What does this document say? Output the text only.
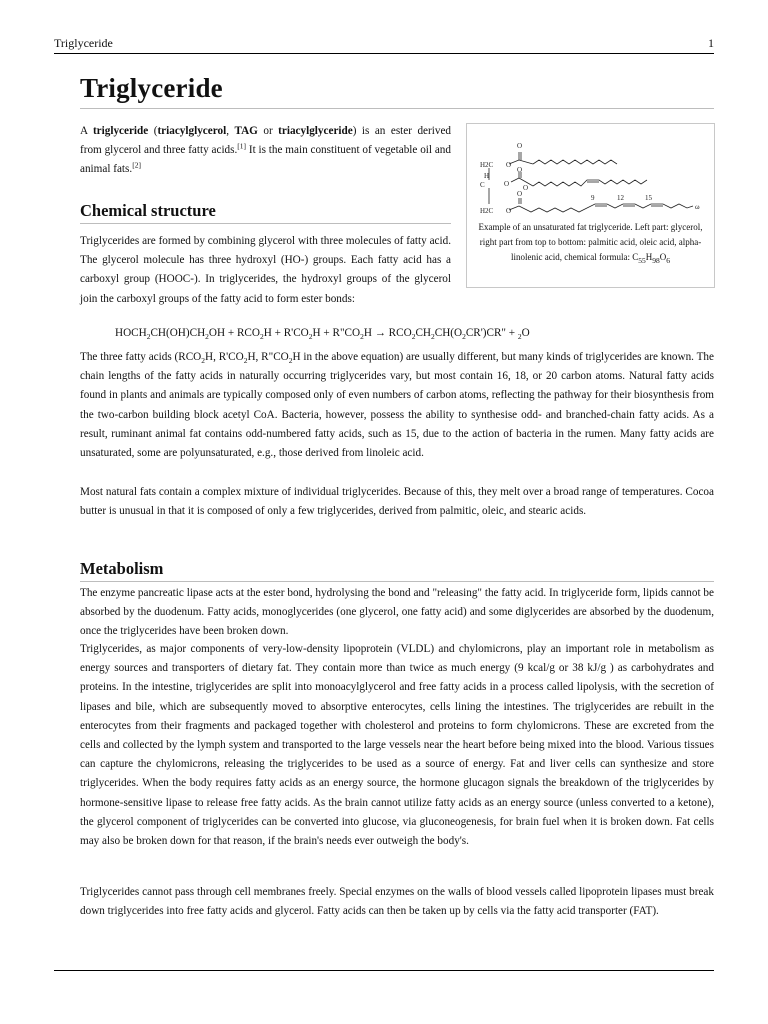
Triglyceride	1
Triglyceride

A triglyceride (triacylglycerol, TAG or triacylglyceride) is an ester derived from glycerol and three fatty acids.[1] It is the main constituent of vegetable oil and animal fats.[2]

O
H2C O
H
C	O
O
O
H2C O
O	9	12	15
ω
Example of an unsaturated fat triglyceride. Left part: glycerol, right part from top to bottom: palmitic acid, oleic acid, alpha-linolenic acid, chemical formula: $C_{55}H_{98}O_6$
Chemical structure

Triglycerides are formed by combining glycerol with three molecules of fatty acid. The glycerol molecule has three hydroxyl (HO-) groups. Each fatty acid has a carboxyl group (HOOC-). In triglycerides, the hydroxyl groups of the glycerol join the carboxyl groups of the fatty acid to form ester bonds:

$HOCH_2CH(OH)CH_2OH + RCO_2H + R'CO_2H$ + $R"CO_2H \to RCO_2CH_2CH(O_2CR')CR$" + $_2$O

The three fatty acids ($RCO_2H$, $R'CO_2H$, $R"CO_2H$ in the above equation) are usually different, but many kinds of triglycerides are known. The chain lengths of the fatty acids in naturally occurring triglycerides vary, but most contain 16, 18, or 20 carbon atoms. Natural fatty acids found in plants and animals are typically composed only of even numbers of carbon atoms, reflecting the pathway for their biosynthesis from the two-carbon building block acetyl CoA. Bacteria, however, possess the ability to synthesise odd- and branched-chain fatty acids. As a result, ruminant animal fat contains odd-numbered fatty acids, such as 15, due to the action of bacteria in the rumen. Many fatty acids are unsaturated, some are polyunsaturated, e.g., those derived from linoleic acid.

Most natural fats contain a complex mixture of individual triglycerides. Because of this, they melt over a broad range of temperatures. Cocoa butter is unusual in that it is composed of only a few triglycerides, derived from palmitic, oleic, and stearic acids.

Metabolism

The enzyme pancreatic lipase acts at the ester bond, hydrolysing the bond and "releasing" the fatty acid. In triglyceride form, lipids cannot be absorbed by the duodenum. Fatty acids, monoglycerides (one glycerol, one fatty acid) and some diglycerides are absorbed by the duodenum, once the triglycerides have been broken down.

Triglycerides, as major components of very-low-density lipoprotein (VLDL) and chylomicrons, play an important role in metabolism as energy sources and transporters of dietary fat. They contain more than twice as much energy (9 kcal/g or 38 kJ/g ) as carbohydrates and proteins. In the intestine, triglycerides are split into monoacylglycerol and free fatty acids in a process called lipolysis, with the secretion of lipases and bile, which are subsequently moved to absorptive enterocytes, cells lining the intestines. The triglycerides are rebuilt in the enterocytes from their fragments and packaged together with cholesterol and proteins to form chylomicrons. These are excreted from the cells and collected by the lymph system and transported to the large vessels near the heart before being mixed into the blood. Various tissues can capture the chylomicrons, releasing the triglycerides to be used as a source of energy. Fat and liver cells can synthesize and store triglycerides. When the body requires fatty acids as an energy source, the hormone glucagon signals the breakdown of the triglycerides by hormone-sensitive lipase to release free fatty acids. As the brain cannot utilize fatty acids as an energy source (unless converted to a ketone), the glycerol component of triglycerides can be converted into glucose, via gluconeogenesis, for brain fuel when it is broken down. Fat cells may also be broken down for that reason, if the brain's needs ever outweigh the body's.

Triglycerides cannot pass through cell membranes freely. Special enzymes on the walls of blood vessels called lipoprotein lipases must break down triglycerides into free fatty acids and glycerol. Fatty acids can then be taken up by cells via the fatty acid transporter (FAT).
